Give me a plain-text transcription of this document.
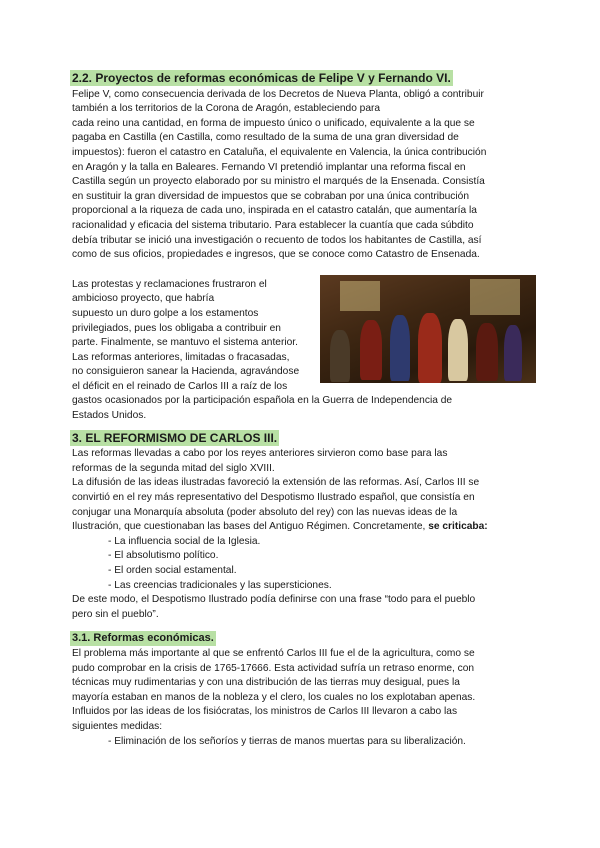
2.2. Proyectos de reformas económicas de Felipe V y Fernando VI.
Felipe V, como consecuencia derivada de los Decretos de Nueva Planta, obligó a contribuir
también a los territorios de la Corona de Aragón, estableciendo para
cada reino una cantidad, en forma de impuesto único o unificado, equivalente a la que se
pagaba en Castilla (en Castilla, como resultado de la suma de una gran diversidad de
impuestos): fueron el catastro en Cataluña, el equivalente en Valencia, la única contribución
en Aragón y la talla en Baleares. Fernando VI pretendió implantar una reforma fiscal en
Castilla según un proyecto elaborado por su ministro el marqués de la Ensenada. Consistía
en sustituir la gran diversidad de impuestos que se cobraban por una única contribución
proporcional a la riqueza de cada uno, inspirada en el catastro catalán, que aumentaría la
racionalidad y eficacia del sistema tributario. Para establecer la cuantía que cada súbdito
debía tributar se inició una investigación o recuento de todos los habitantes de Castilla, así
como de sus oficios, propiedades e ingresos, que se conoce como Catastro de Ensenada.
Las protestas y reclamaciones frustraron el
ambicioso proyecto, que habría
supuesto un duro golpe a los estamentos
privilegiados, pues los obligaba a contribuir en
parte. Finalmente, se mantuvo el sistema anterior.
Las reformas anteriores, limitadas o fracasadas,
no consiguieron sanear la Hacienda, agravándose
el déficit en el reinado de Carlos III a raíz de los
gastos ocasionados por la participación española en la Guerra de Independencia de
Estados Unidos.
3. EL REFORMISMO DE CARLOS III.
Las reformas llevadas a cabo por los reyes anteriores sirvieron como base para las
reformas de la segunda mitad del siglo XVIII.
La difusión de las ideas ilustradas favoreció la extensión de las reformas. Así, Carlos III se
convirtió en el rey más representativo del Despotismo Ilustrado español, que consistía en
conjugar una Monarquía absoluta (poder absoluto del rey) con las nuevas ideas de la
Ilustración, que cuestionaban las bases del Antiguo Régimen. Concretamente, se criticaba:
- La influencia social de la Iglesia.
- El absolutismo político.
- El orden social estamental.
- Las creencias tradicionales y las supersticiones.
De este modo, el Despotismo Ilustrado podía definirse con una frase “todo para el pueblo
pero sin el pueblo”.
3.1. Reformas económicas.
El problema más importante al que se enfrentó Carlos III fue el de la agricultura, como se
pudo comprobar en la crisis de 1765-17666. Esta actividad sufría un retraso enorme, con
técnicas muy rudimentarias y con una distribución de las tierras muy desigual, pues la
mayoría estaban en manos de la nobleza y el clero, los cuales no los explotaban apenas.
Influidos por las ideas de los fisiócratas, los ministros de Carlos III llevaron a cabo las
siguientes medidas:
- Eliminación de los señoríos y tierras de manos muertas para su liberalización.
